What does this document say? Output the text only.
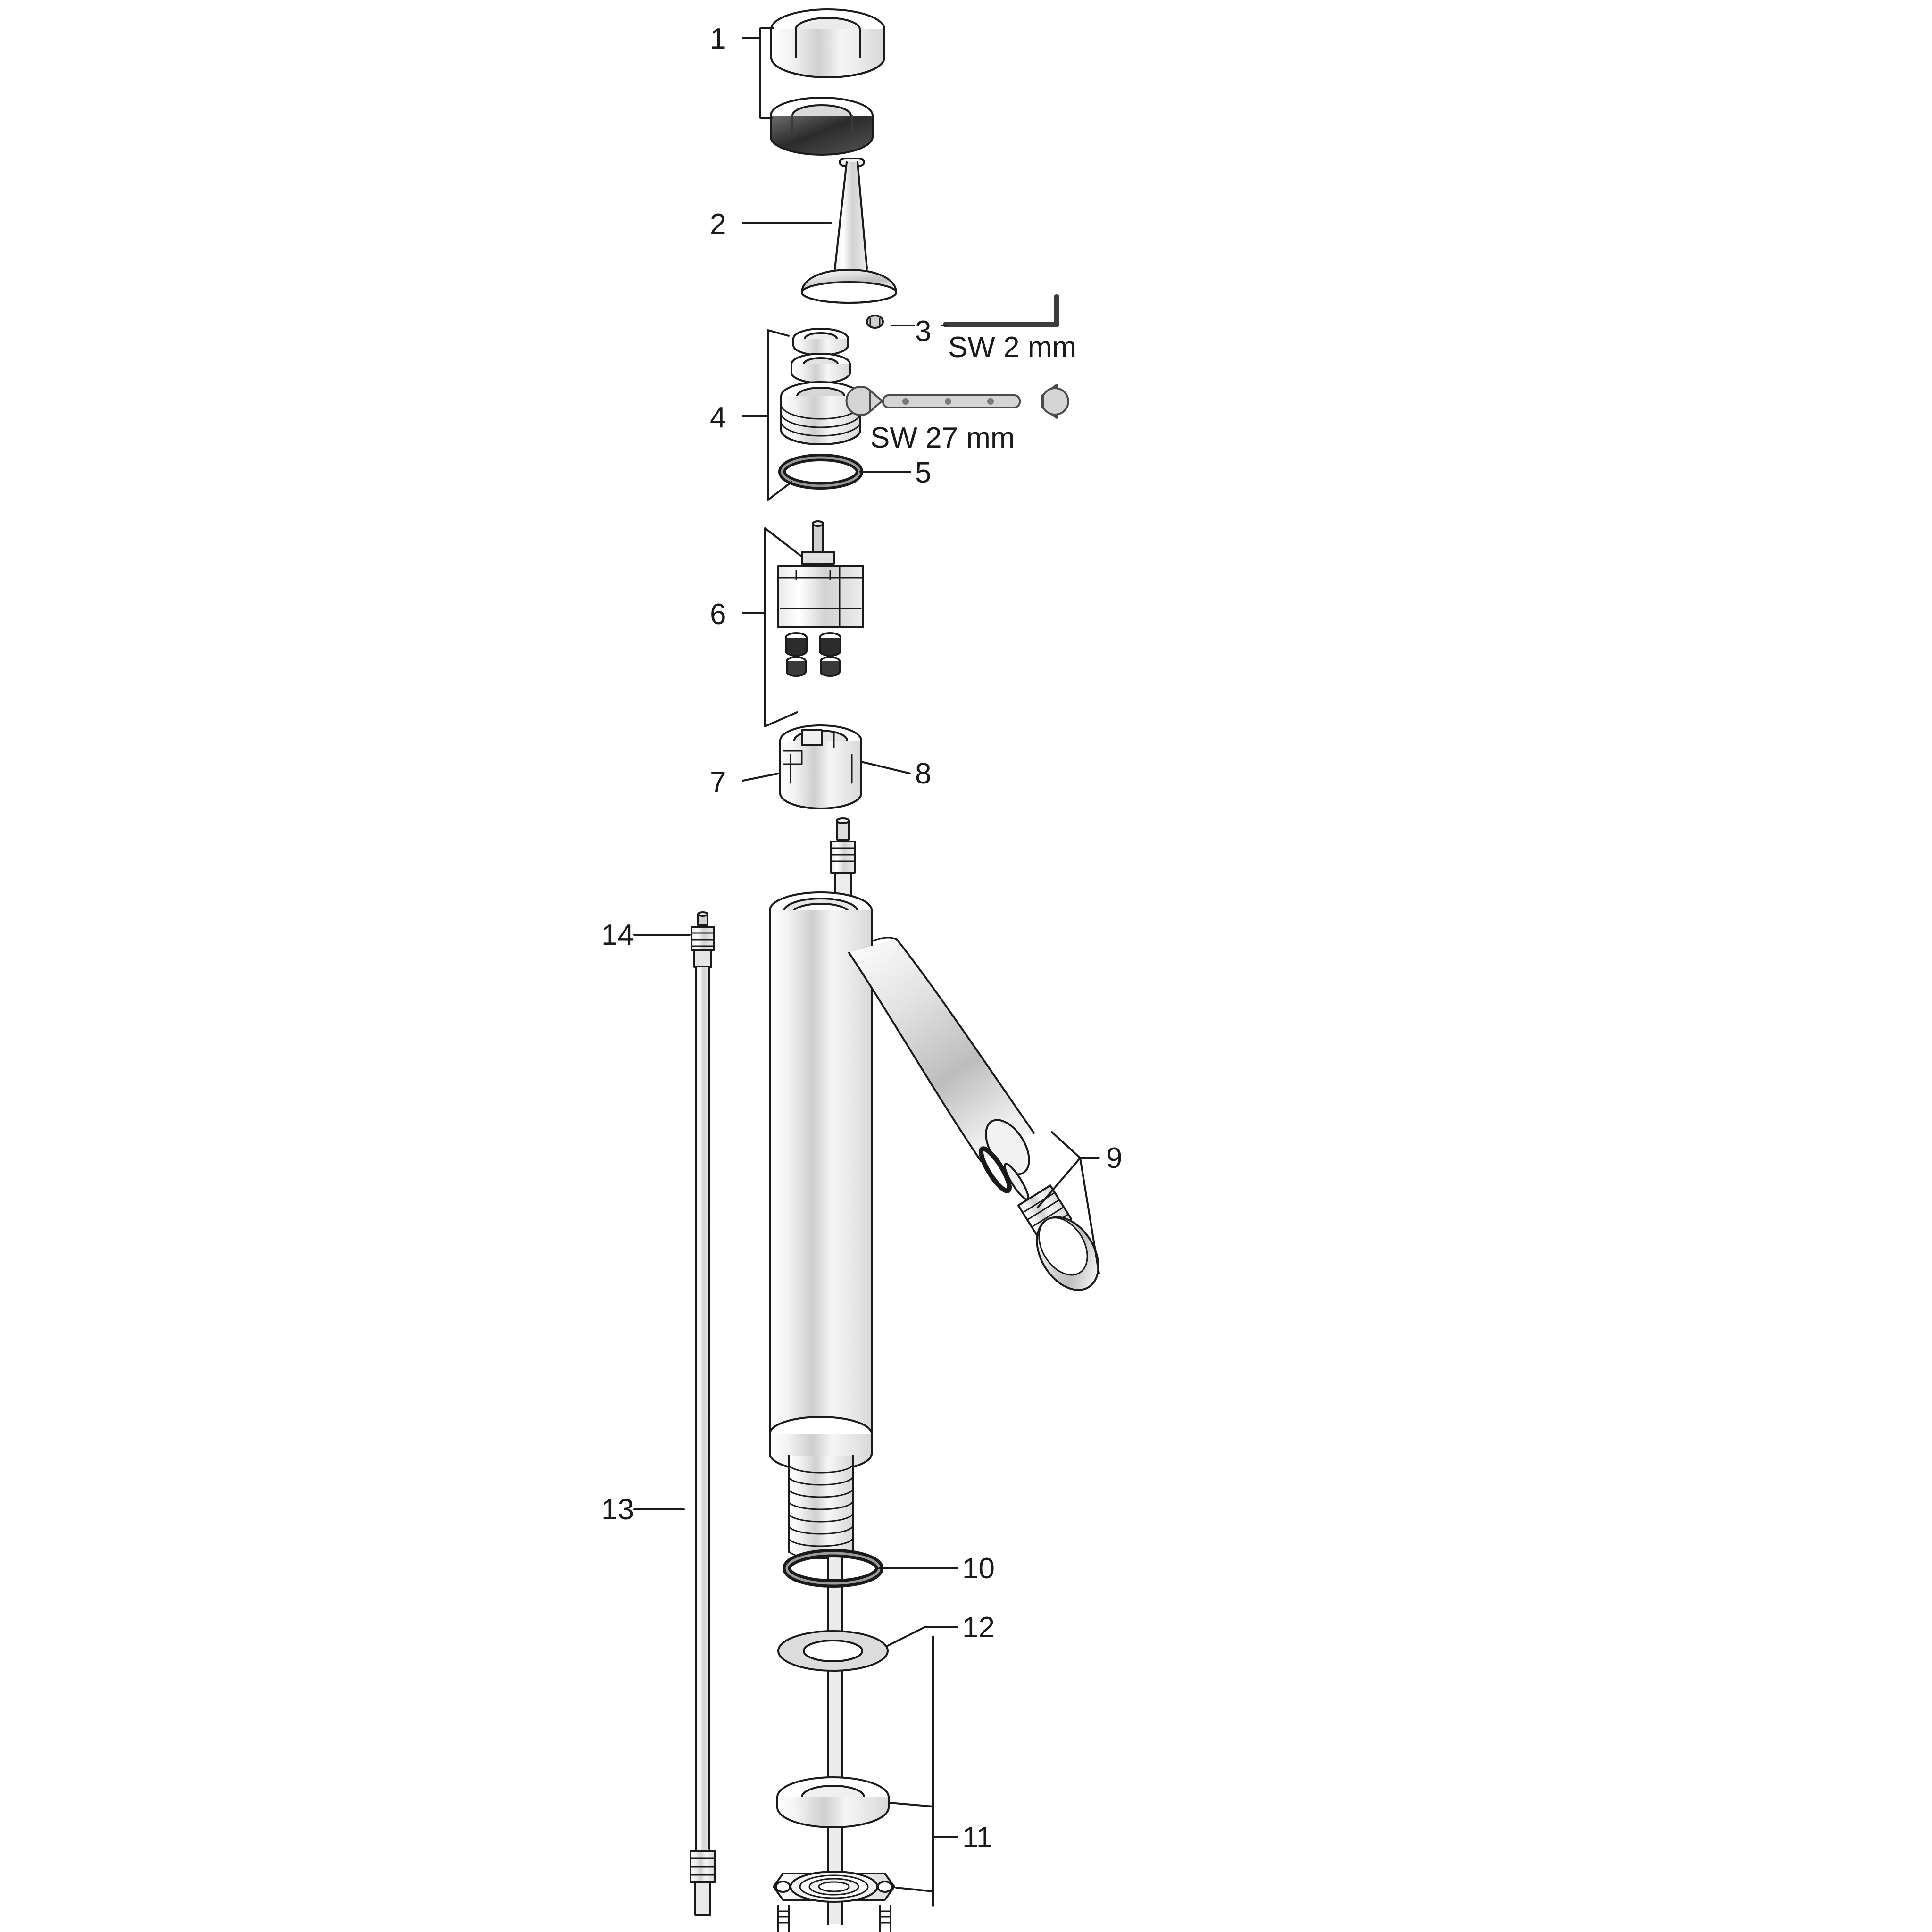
1
2
3
4
5
6
7	8
9
10
11
12
13
14
SW 2 mm
SW 27 mm
